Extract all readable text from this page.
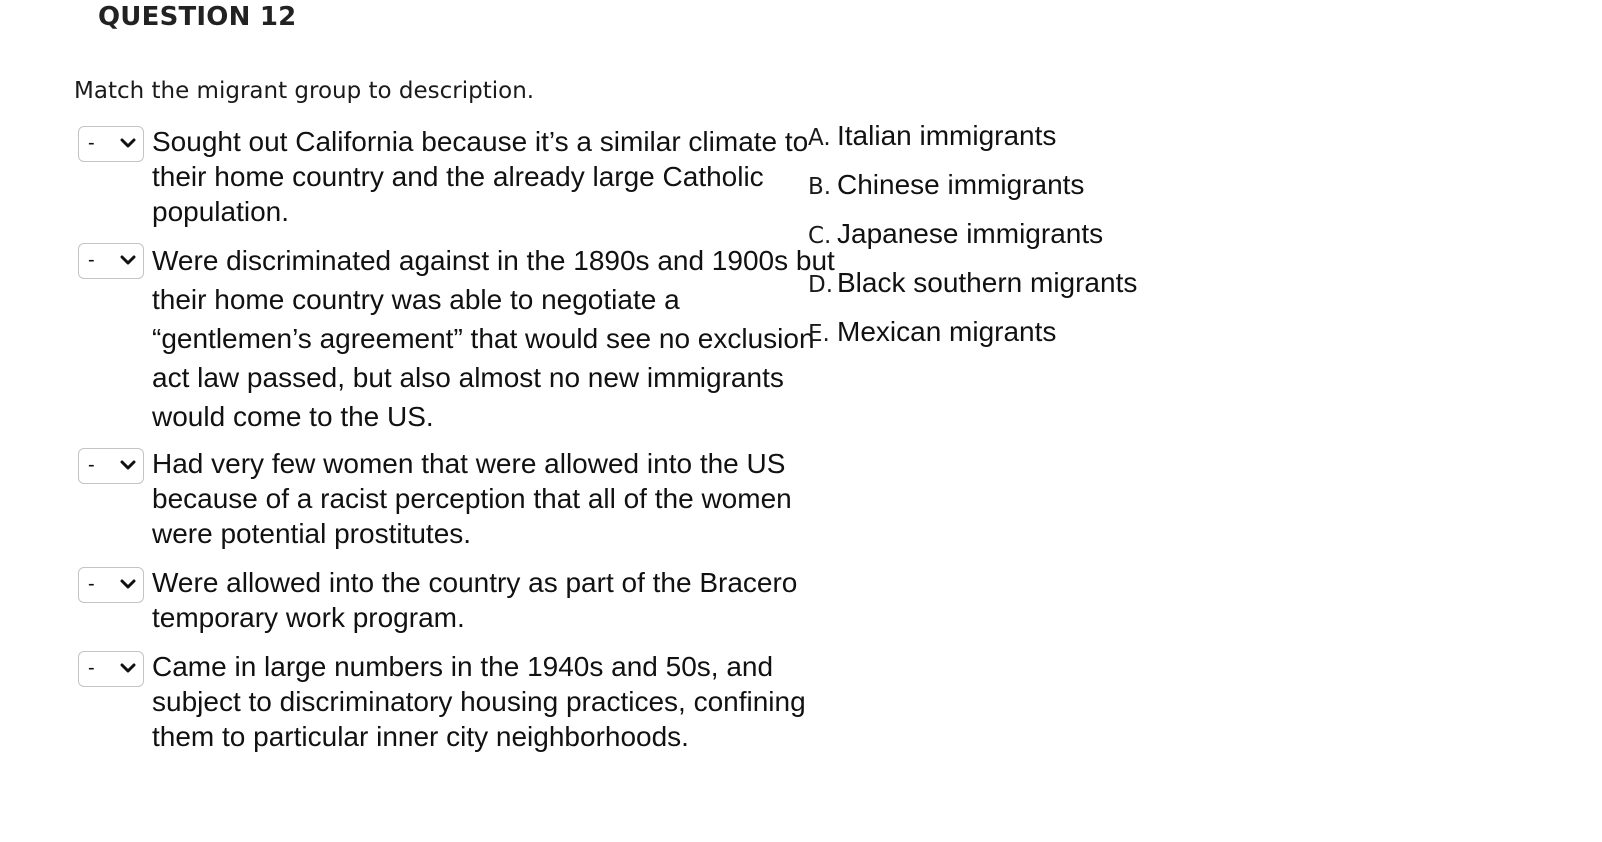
QUESTION 12
Match the migrant group to description.
- Sought out California because it’s a similar climate to their home country and the already large Catholic population.
- Were discriminated against in the 1890s and 1900s but their home country was able to negotiate a “gentlemen’s agreement” that would see no exclusion act law passed, but also almost no new immigrants would come to the US.
- Had very few women that were allowed into the US because of a racist perception that all of the women were potential prostitutes.
- Were allowed into the country as part of the Bracero temporary work program.
- Came in large numbers in the 1940s and 50s, and subject to discriminatory housing practices, confining them to particular inner city neighborhoods.
A. Italian immigrants
B. Chinese immigrants
C. Japanese immigrants
D. Black southern migrants
E. Mexican migrants
